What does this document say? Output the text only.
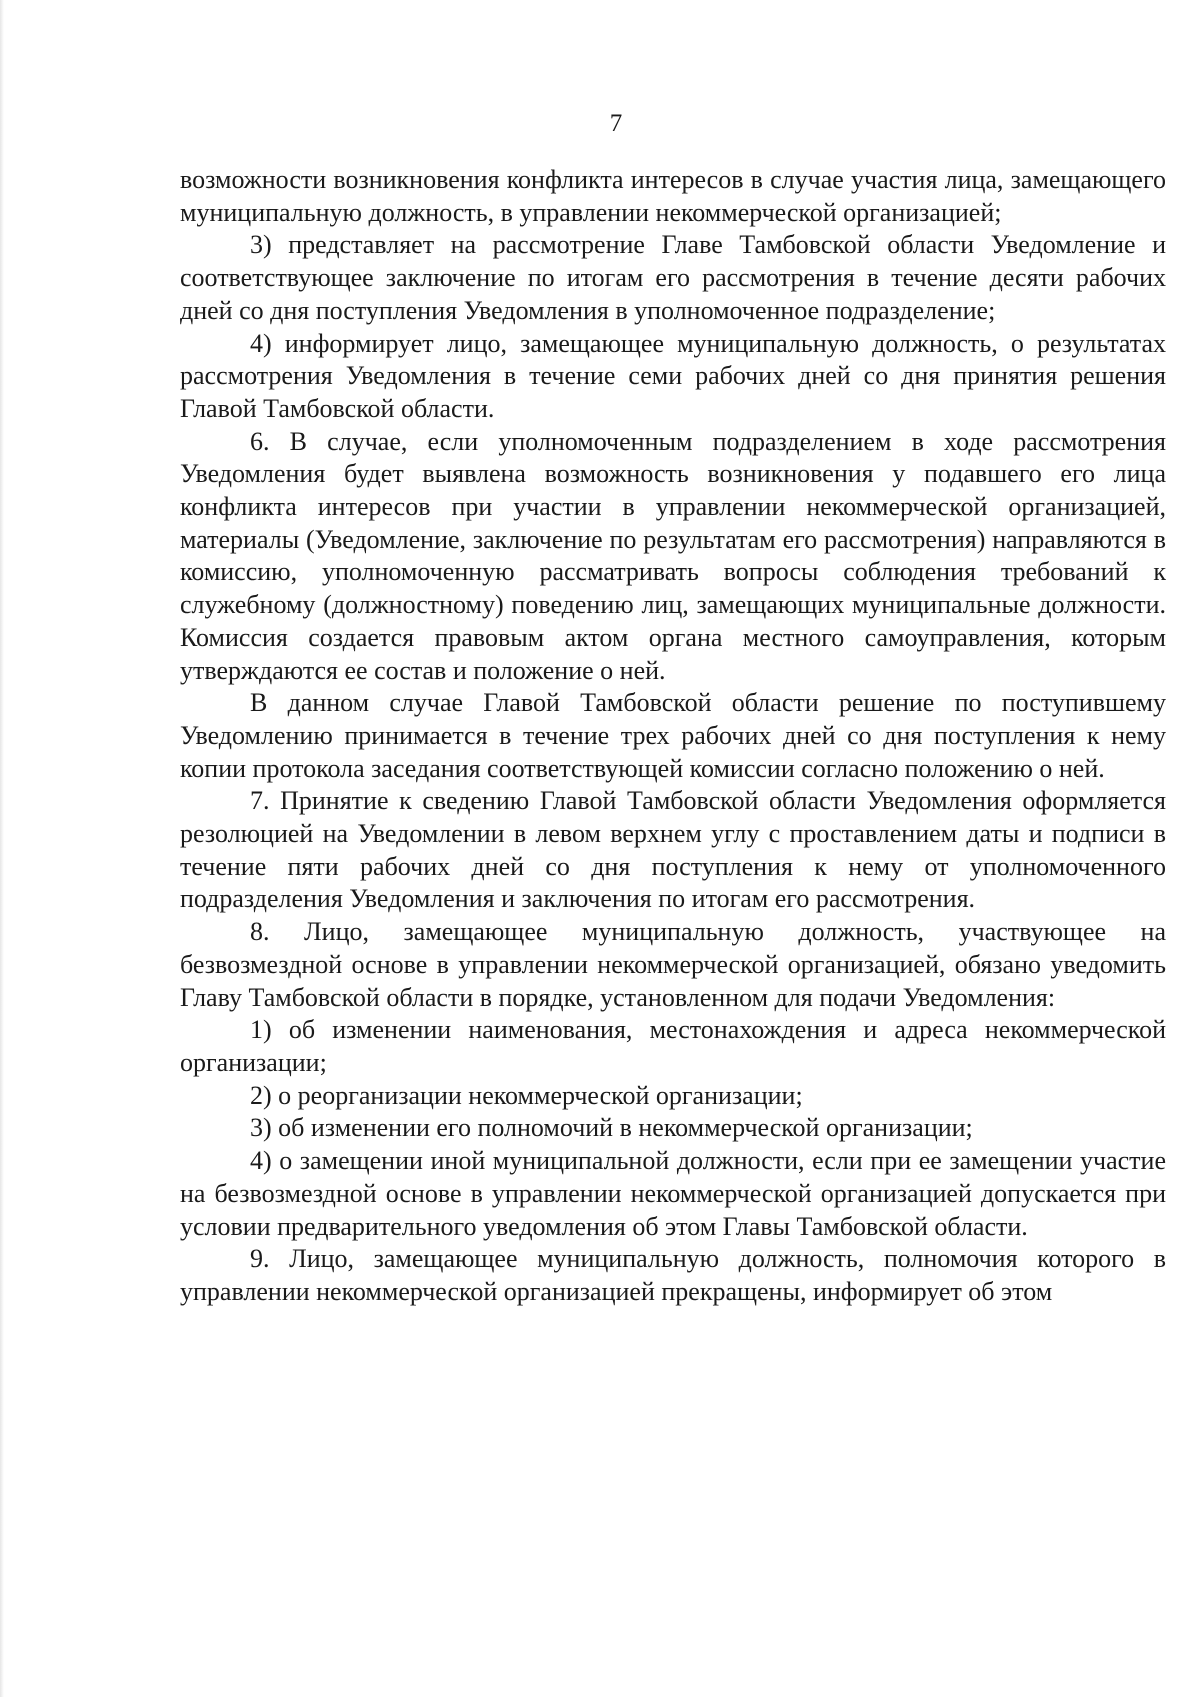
7

возможности возникновения конфликта интересов в случае участия лица, замещающего муниципальную должность, в управлении некоммерческой организацией;

3) представляет на рассмотрение Главе Тамбовской области Уведомление и соответствующее заключение по итогам его рассмотрения в течение десяти рабочих дней со дня поступления Уведомления в уполномоченное подразделение;

4) информирует лицо, замещающее муниципальную должность, о результатах рассмотрения Уведомления в течение семи рабочих дней со дня принятия решения Главой Тамбовской области.

6. В случае, если уполномоченным подразделением в ходе рассмотрения Уведомления будет выявлена возможность возникновения у подавшего его лица конфликта интересов при участии в управлении некоммерческой организацией, материалы (Уведомление, заключение по результатам его рассмотрения) направляются в комиссию, уполномоченную рассматривать вопросы соблюдения требований к служебному (должностному) поведению лиц, замещающих муниципальные должности. Комиссия создается правовым актом органа местного самоуправления, которым утверждаются ее состав и положение о ней.

В данном случае Главой Тамбовской области решение по поступившему Уведомлению принимается в течение трех рабочих дней со дня поступления к нему копии протокола заседания соответствующей комиссии согласно положению о ней.

7. Принятие к сведению Главой Тамбовской области Уведомления оформляется резолюцией на Уведомлении в левом верхнем углу с проставлением даты и подписи в течение пяти рабочих дней со дня поступления к нему от уполномоченного подразделения Уведомления и заключения по итогам его рассмотрения.

8. Лицо, замещающее муниципальную должность, участвующее на безвозмездной основе в управлении некоммерческой организацией, обязано уведомить Главу Тамбовской области в порядке, установленном для подачи Уведомления:

1) об изменении наименования, местонахождения и адреса некоммерческой организации;

2) о реорганизации некоммерческой организации;

3) об изменении его полномочий в некоммерческой организации;

4) о замещении иной муниципальной должности, если при ее замещении участие на безвозмездной основе в управлении некоммерческой организацией допускается при условии предварительного уведомления об этом Главы Тамбовской области.

9. Лицо, замещающее муниципальную должность, полномочия которого в управлении некоммерческой организацией прекращены, информирует об этом
